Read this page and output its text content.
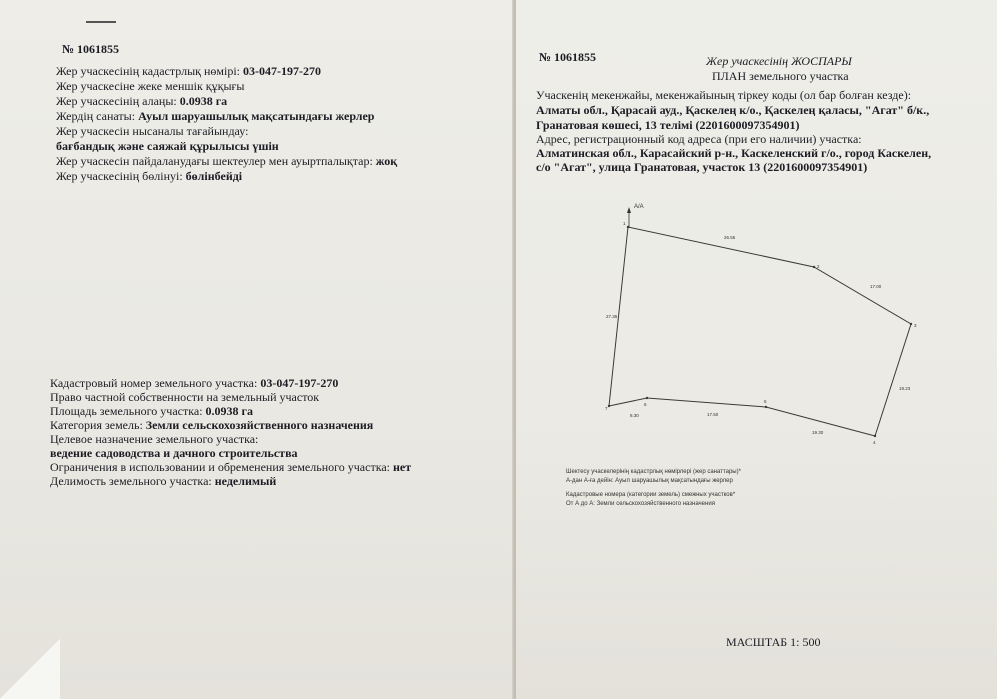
№ 1061855
Жер учаскесінің кадастрлық нөмірі: 03-047-197-270
Жер учаскесіне жеке меншік құқығы
Жер учаскесінің алаңы: 0.0938 га
Жердің санаты: Ауыл шаруашылық мақсатындағы жерлер
Жер учаскесін нысаналы тағайындау:
бағбандық және саяжай құрылысы үшін
Жер учаскесін пайдаланудағы шектеулер мен ауыртпалықтар: жоқ
Жер учаскесінің бөлінуі: бөлінбейді
Кадастровый номер земельного участка: 03-047-197-270
Право частной собственности на земельный участок
Площадь земельного участка: 0.0938 га
Категория земель: Земли сельскохозяйственного назначения
Целевое назначение земельного участка:
ведение садоводства и дачного строительства
Ограничения в использовании и обременения земельного участка: нет
Делимость земельного участка: неделимый
№ 1061855	Жер учаскесінің ЖОСПАРЫ
ПЛАН земельного участка
Учаскенің мекенжайы, мекенжайының тіркеу коды (ол бар болған кезде):
Алматы обл., Қарасай ауд., Қаскелең к/о., Қаскелең қаласы, "Агат" б/к.,
Гранатовая көшесі, 13 телімі (2201600097354901)
Адрес, регистрационный код адреса (при его наличии) участка:
Алматинская обл., Карасайский р-н., Каскеленский г/о., город Каскелен,
с/о "Агат", улица Гранатовая, участок 13 (2201600097354901)
А/А
1
2
3
4
5
6
7
26.55
17.00
19.23
19.30
17.50
8.30
27.36
Шектесу учаскелерінің кадастрлық нөмірлері (жер санаттары)*
А-дан А-ға дейін: Ауыл шаруашылық мақсатындағы жерлер
Кадастровые номера (категории земель) смежных участков*
От А до А: Земли сельскохозяйственного назначения
МАСШТАБ 1: 500
